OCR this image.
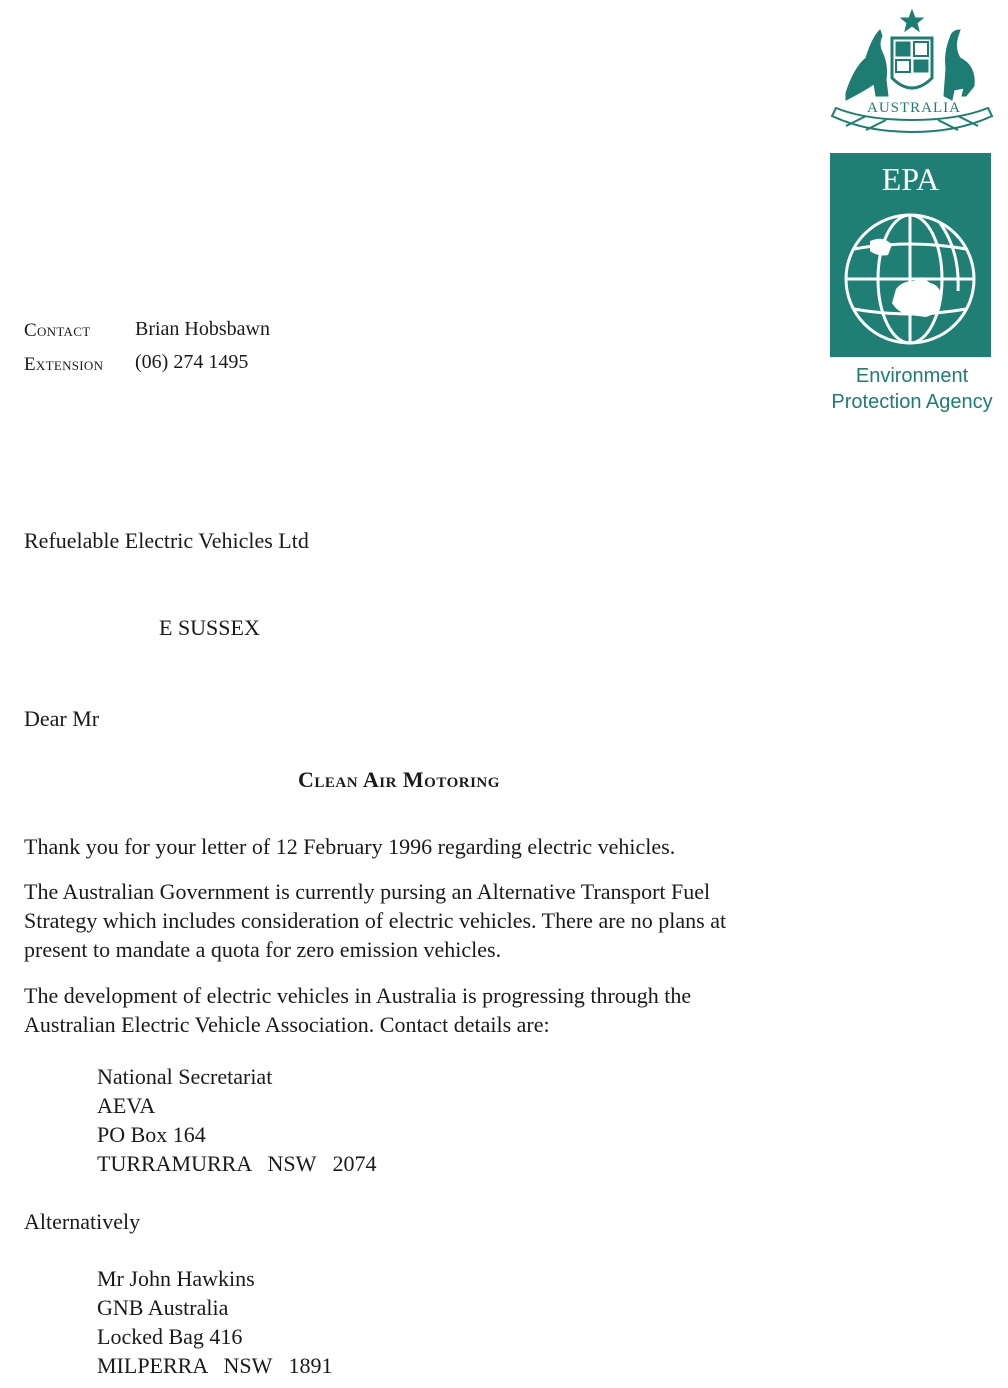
AUSTRALIA
EPA
Environment
Protection Agency
Contact Brian Hobsbawn
Extension (06) 274 1495
Refuelable Electric Vehicles Ltd
E SUSSEX
Dear Mr
Clean Air Motoring
Thank you for your letter of 12 February 1996 regarding electric vehicles.
The Australian Government is currently pursing an Alternative Transport Fuel
Strategy which includes consideration of electric vehicles. There are no plans at
present to mandate a quota for zero emission vehicles.
The development of electric vehicles in Australia is progressing through the
Australian Electric Vehicle Association. Contact details are:
National Secretariat
AEVA
PO Box 164
TURRAMURRA   NSW   2074
Alternatively
Mr John Hawkins
GNB Australia
Locked Bag 416
MILPERRA   NSW   1891
